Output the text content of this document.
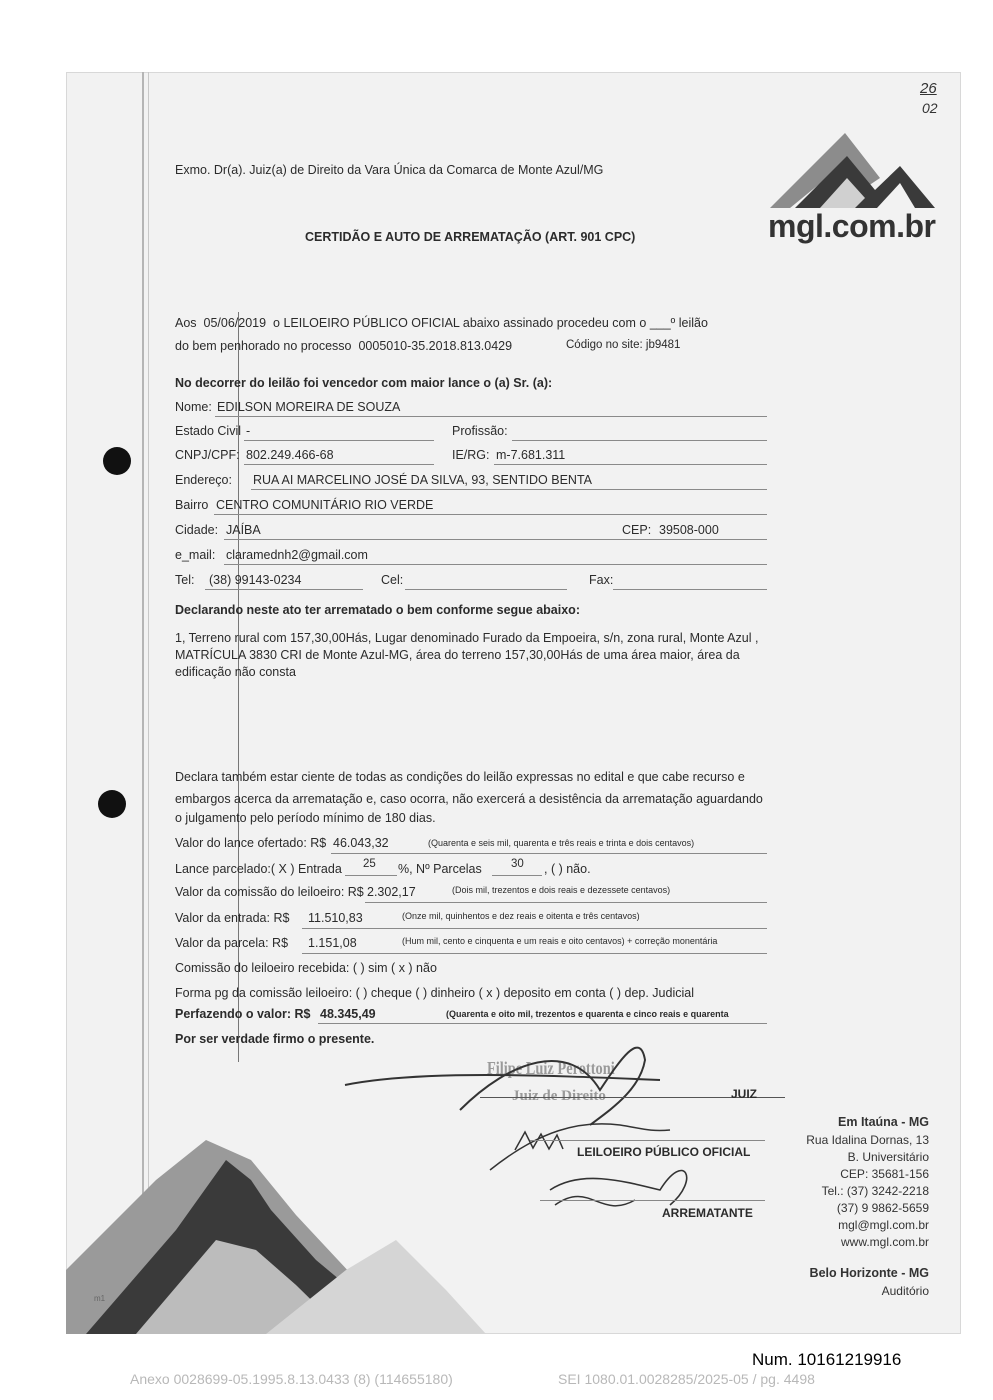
26
02
mgl.com.br
Exmo. Dr(a). Juiz(a) de Direito da Vara Única da Comarca de Monte Azul/MG
CERTIDÃO E AUTO DE ARREMATAÇÃO (ART. 901 CPC)
Aos 05/06/2019 o LEILOEIRO PÚBLICO OFICIAL abaixo assinado procedeu com o ___º leilão
do bem penhorado no processo 0005010-35.2018.813.0429	Código no site: jb9481
No decorrer do leilão foi vencedor com maior lance o (a) Sr. (a):
Nome: EDILSON MOREIRA DE SOUZA
Estado Civil -	Profissão:
CNPJ/CPF: 802.249.466-68	IE/RG: m-7.681.311
Endereço: RUA AI MARCELINO JOSÉ DA SILVA, 93, SENTIDO BENTA
Bairro CENTRO COMUNITÁRIO RIO VERDE
Cidade: JAÍBA	CEP: 39508-000
e_mail: claramednh2@gmail.com
Tel: (38) 99143-0234	Cel:	Fax:
Declarando neste ato ter arrematado o bem conforme segue abaixo:
1, Terreno rural com 157,30,00Hás, Lugar denominado Furado da Empoeira, s/n, zona rural, Monte Azul ,
MATRÍCULA 3830 CRI de Monte Azul-MG, área do terreno 157,30,00Hás de uma área maior, área da
edificação não consta
Declara também estar ciente de todas as condições do leilão expressas no edital e que cabe recurso e
embargos acerca da arrematação e, caso ocorra, não exercerá a desistência da arrematação aguardando
o julgamento pelo período mínimo de 180 dias.
Valor do lance ofertado: R$ 46.043,32	(Quarenta e seis mil, quarenta e três reais e trinta e dois centavos)
Lance parcelado:( X ) Entrada 25 %, Nº Parcelas	30 , ( ) não.
Valor da comissão do leiloeiro: R$ 2.302,17	(Dois mil, trezentos e dois reais e dezessete centavos)
Valor da entrada: R$ 11.510,83	(Onze mil, quinhentos e dez reais e oitenta e três centavos)
Valor da parcela: R$ 1.151,08	(Hum mil, cento e cinquenta e um reais e oito centavos) + correção monentária
Comissão do leiloeiro recebida: ( ) sim ( x ) não
Forma pg da comissão leiloeiro: ( ) cheque ( ) dinheiro ( x ) deposito em conta ( ) dep. Judicial
Perfazendo o valor: R$ 48.345,49	(Quarenta e oito mil, trezentos e quarenta e cinco reais e quarenta
Por ser verdade firmo o presente.
Filipe Luiz Perottoni
Juiz de Direito	JUIZ
LEILOEIRO PÚBLICO OFICIAL
ARREMATANTE
m1
Em Itaúna - MG
Rua Idalina Dornas, 13
B. Universitário
CEP: 35681-156
Tel.: (37) 3242-2218
(37) 9 9862-5659
mgl@mgl.com.br
www.mgl.com.br
Belo Horizonte - MG
Auditório
Num. 10161219916
Anexo 0028699-05.1995.8.13.0433 (8) (114655180)	SEI 1080.01.0028285/2025-05 / pg. 4498
